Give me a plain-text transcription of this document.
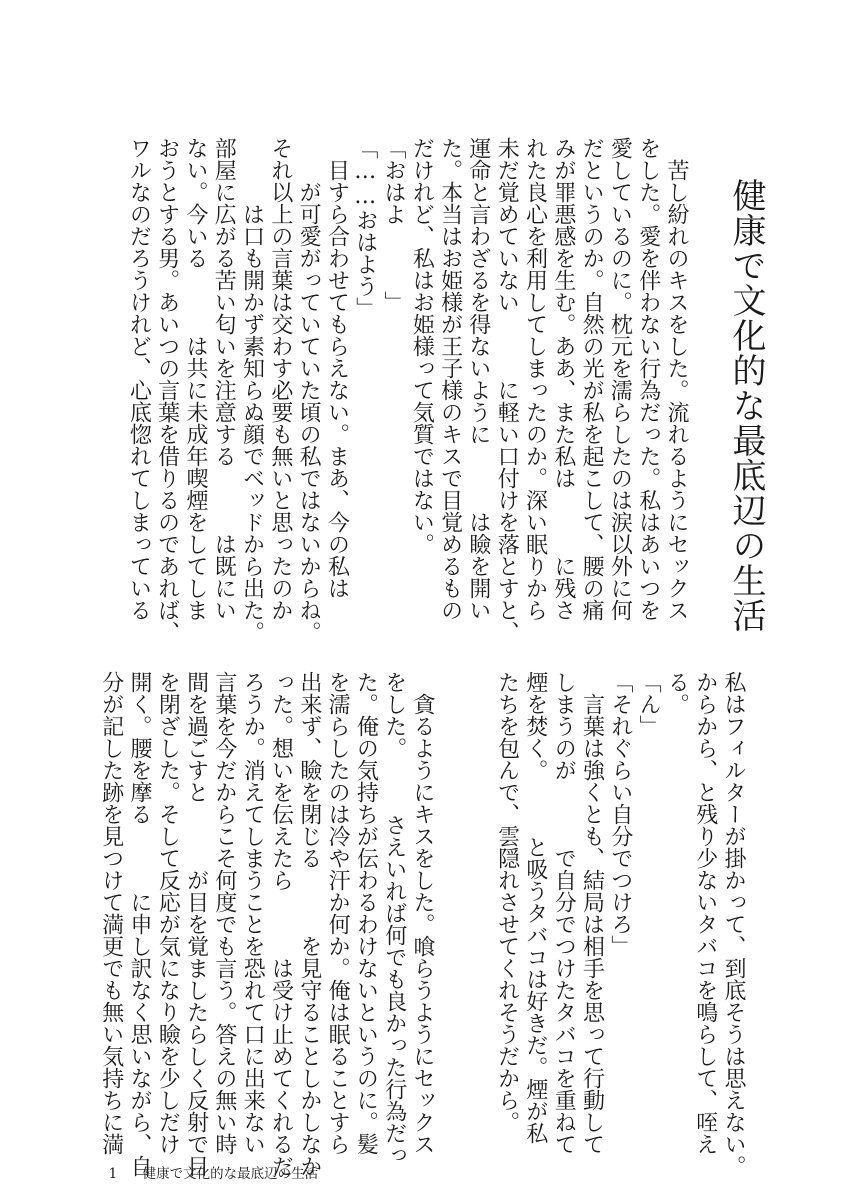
健康で文化的な最底辺の生活
　苦し紛れのキスをした。流れるようにセックス
をした。愛を伴わない行為だった。私はあいつを
愛しているのに。枕元を濡らしたのは涙以外に何
だというのか。自然の光が私を起こして、腰の痛
みが罪悪感を生む。ああ、また私は　　　に残さ
れた良心を利用してしまったのか。深い眠りから
未だ覚めていない　　　に軽い口付けを落とすと、
運命と言わざるを得ないように　　　は瞼を開い
た。本当はお姫様が王子様のキスで目覚めるもの
だけれど、私はお姫様って気質ではない。
「おはよ　　　」
「……おはよう」
　目すら合わせてもらえない。まあ、今の私は
　　が可愛がっていていた頃の私ではないからね。
それ以上の言葉は交わす必要も無いと思ったのか
　　　は口も開かず素知らぬ顔でベッドから出た。
部屋に広がる苦い匂いを注意する　　　は既にい
ない。今いる　　　は共に未成年喫煙をしてしま
おうとする男。あいつの言葉を借りるのであれば、
ワルなのだろうけれど、心底惚れてしまっている
私はフィルターが掛かって、到底そうは思えない。
からから、と残り少ないタバコを鳴らして、咥え
る。
「ん」
「それぐらい自分でつけろ」
　言葉は強くとも、結局は相手を思って行動して
しまうのが　　　で自分でつけたタバコを重ねて
煙を焚く。　　　と吸うタバコは好きだ。煙が私
たちを包んで、雲隠れさせてくれそうだから。
　貪るようにキスをした。喰らうようにセックス
をした。　　　さえいれば何でも良かった行為だっ
た。俺の気持ちが伝わるわけないというのに。髪
を濡らしたのは冷や汗か何か。俺は眠ることすら
出来ず、瞼を閉じる　　　を見守ることしかしなか
った。想いを伝えたら　　　は受け止めてくれるだ
ろうか。消えてしまうことを恐れて口に出来ない
言葉を今だからこそ何度でも言う。答えの無い時
間を過ごすと　　　が目を覚ましたらしく反射で目
を閉ざした。そして反応が気になり瞼を少しだけ
開く。腰を摩る　　　に申し訳なく思いながら、自
分が記した跡を見つけて満更でも無い気持ちに満

1 健康で文化的な最底辺の生活
